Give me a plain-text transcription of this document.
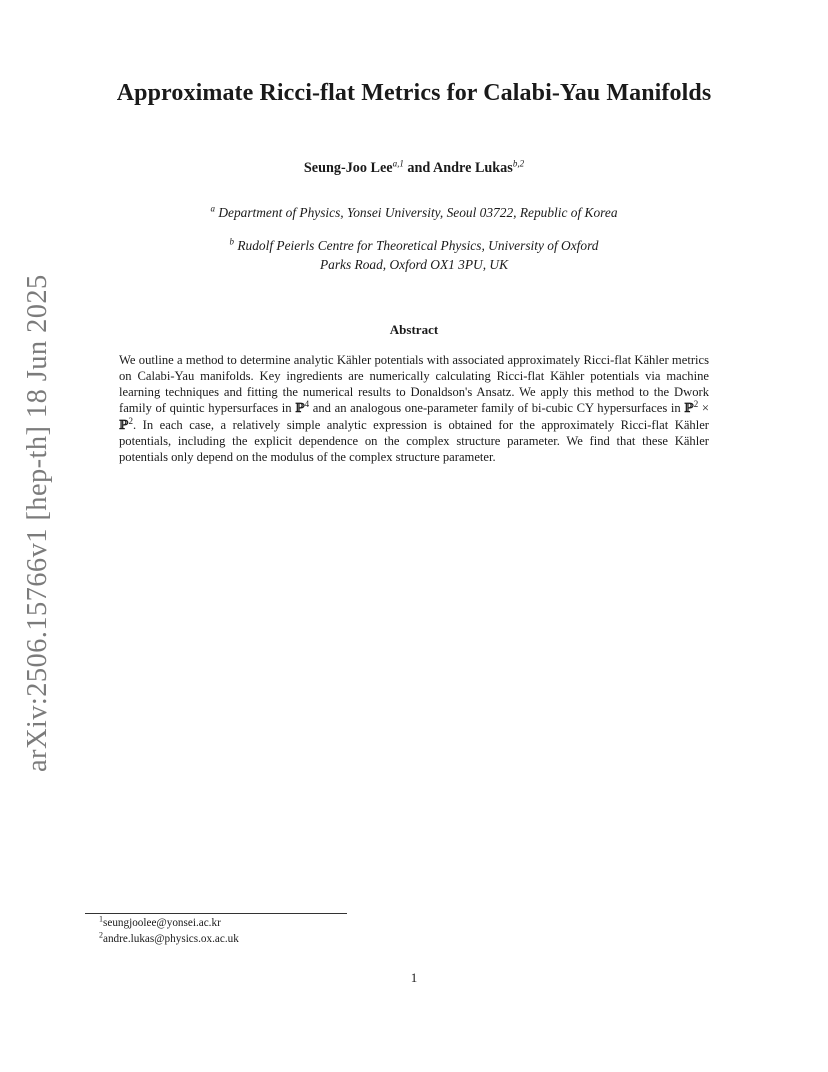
Approximate Ricci-flat Metrics for Calabi-Yau Manifolds
Seung-Joo Lee$^{a,1}$ and Andre Lukas$^{b,2}$
$^a$ Department of Physics, Yonsei University, Seoul 03722, Republic of Korea
$^b$ Rudolf Peierls Centre for Theoretical Physics, University of Oxford
Parks Road, Oxford OX1 3PU, UK
Abstract
We outline a method to determine analytic Kähler potentials with associated approximately Ricci-flat Kähler metrics on Calabi-Yau manifolds. Key ingredients are numerically calculating Ricci-flat Kähler potentials via machine learning techniques and fitting the numerical results to Donaldson's Ansatz. We apply this method to the Dwork family of quintic hypersurfaces in ℙ$^4$ and an analogous one-parameter family of bi-cubic CY hypersurfaces in ℙ$^2$ × ℙ$^2$. In each case, a relatively simple analytic expression is obtained for the approximately Ricci-flat Kähler potentials, including the explicit dependence on the complex structure parameter. We find that these Kähler potentials only depend on the modulus of the complex structure parameter.
arXiv:2506.15766v1 [hep-th] 18 Jun 2025
$^1$seungjoolee@yonsei.ac.kr
$^2$andre.lukas@physics.ox.ac.uk
1
